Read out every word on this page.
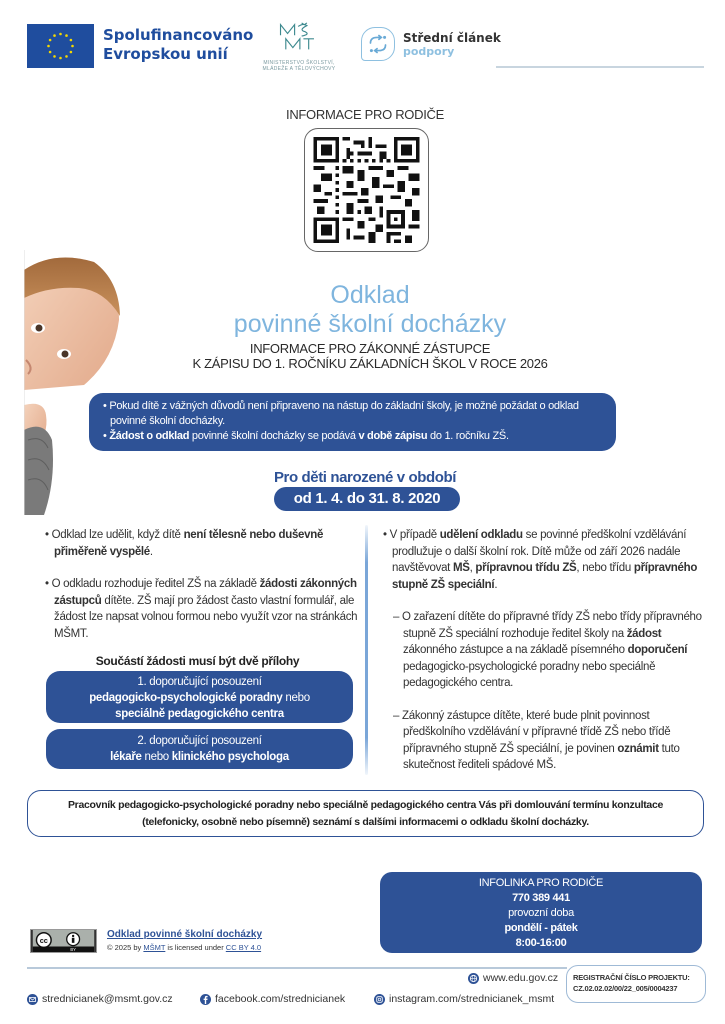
Spolufinancováno
Evropskou unií	MINISTERSTVO ŠKOLSTVÍ,
MLÁDEŽE A TĚLOVÝCHOVY
Střední článek
podpory
INFORMACE PRO RODIČE
Odklad
povinné školní docházky
INFORMACE PRO ZÁKONNÉ ZÁSTUPCE
K ZÁPISU DO 1. ROČNÍKU ZÁKLADNÍCH ŠKOL V ROCE 2026

• Pokud dítě z vážných důvodů není připraveno na nástup do základní školy, je možné požádat o odklad

povinné školní docházky.

• Žádost o odklad povinné školní docházky se podává v době zápisu do 1. ročníku ZŠ.

Pro děti narozené v období
od 1. 4. do 31. 8. 2020

• Odklad lze udělit, když dítě není tělesně nebo duševně přiměřeně vyspělé.

• O odkladu rozhoduje ředitel ZŠ na základě žádosti zákonných zástupců dítěte. ZŠ mají pro žádost často vlastní formulář, ale žádost lze napsat volnou formou nebo využít vzor na stránkách MŠMT.

Součástí žádosti musí být dvě přílohy
1. doporučující posouzení
pedagogicko-psychologické poradny nebo
speciálně pedagogického centra
2. doporučující posouzení
lékaře nebo klinického psychologa

• V případě udělení odkladu se povinné předškolní vzdělávání prodlužuje o další školní rok. Dítě může od září 2026 nadále navštěvovat MŠ, přípravnou třídu ZŠ, nebo třídu přípravného stupně ZŠ speciální.

– O zařazení dítěte do přípravné třídy ZŠ nebo třídy přípravného stupně ZŠ speciální rozhoduje ředitel školy na žádost zákonného zástupce a na základě písemného doporučení pedagogicko-psychologické poradny nebo speciálně pedagogického centra.

– Zákonný zástupce dítěte, které bude plnit povinnost předškolního vzdělávání v přípravné třídě ZŠ nebo třídě přípravného stupně ZŠ speciální, je povinen oznámit tuto skutečnost řediteli spádové MŠ.

Pracovník pedagogicko-psychologické poradny nebo speciálně pedagogického centra Vás při domlouvání termínu konzultace
(telefonicky, osobně nebo písemně) seznámí s dalšími informacemi o odkladu školní docházky.
INFOLINKA PRO RODIČE
770 389 441
provozní doba
pondělí - pátek
8:00-16:00
cc
BY
Odklad povinné školní docházky
© 2025 by MŠMT is licensed under CC BY 4.0
www.edu.gov.cz
strednicianek@msmt.gov.cz	facebook.com/strednicianek	instagram.com/strednicianek_msmt
REGISTRAČNÍ ČÍSLO PROJEKTU:
CZ.02.02.02/00/22_005/0004237
